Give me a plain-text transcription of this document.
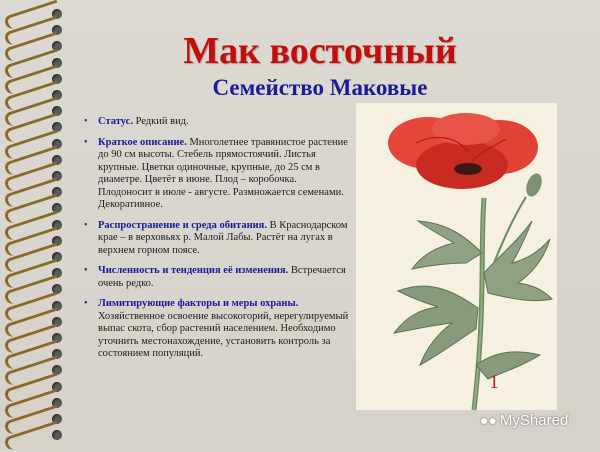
Мак восточный
Семейство Маковые
• Статус. Редкий вид.
• Краткое описание. Многолетнее травянистое растение до 90 см высоты. Стебель прямостоячий. Листья крупные. Цветки одиночные, крупные, до 25 см в диаметре. Цветёт в июне. Плод – коробочка. Плодоносит в июле - августе. Размножается семенами. Декоративное.
• Распространение и среда обитания. В Краснодарском крае – в верховьях р. Малой Лабы. Растёт на лугах в верхнем горном поясе.
• Численность и тенденция её изменения. Встречается очень редко.
• Лимитирующие факторы и меры охраны. Хозяйственное освоение высокогорий, нерегулируемый выпас скота, сбор растений населением. Необходимо уточнить местонахождение, установить контроль за состоянием популяций.
1
●● MyShared
